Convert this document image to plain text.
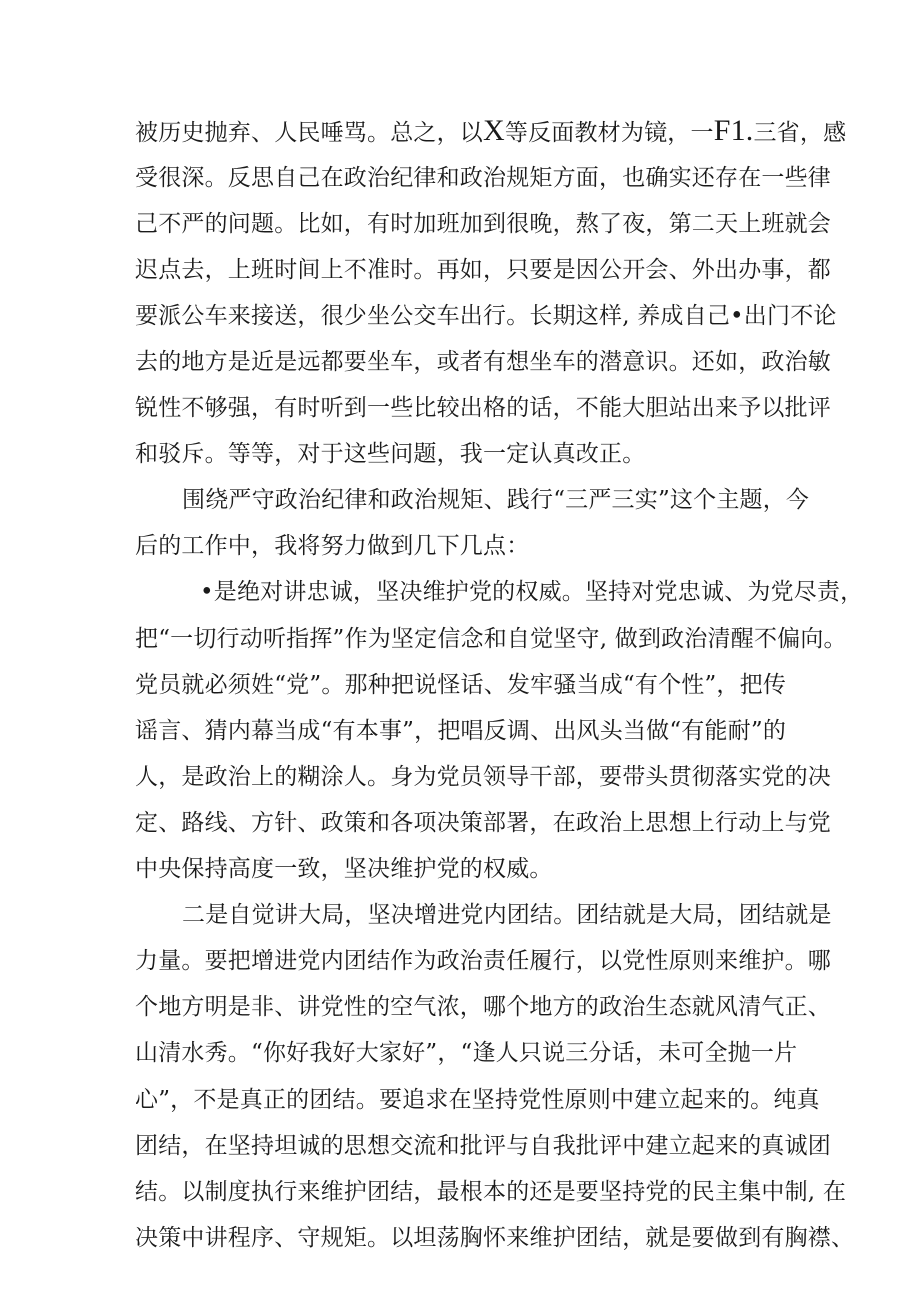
被历史抛弃、人民唾骂。总之，以X等反面教材为镜，一F1.三省，感
受很深。反思自己在政治纪律和政治规矩方面，也确实还存在一些律
己不严的问题。比如，有时加班加到很晚，熬了夜，第二天上班就会
迟点去，上班时间上不准时。再如，只要是因公开会、外出办事，都
要派公车来接送，很少坐公交车出行。长期这样, 养成自己•出门不论
去的地方是近是远都要坐车，或者有想坐车的潜意识。还如，政治敏
锐性不够强，有时听到一些比较出格的话，不能大胆站出来予以批评
和驳斥。等等，对于这些问题，我一定认真改正。
围绕严守政治纪律和政治规矩、践行“三严三实”这个主题，今
后的工作中，我将努力做到几下几点：
•是绝对讲忠诚，坚决维护党的权威。坚持对党忠诚、为党尽责，
把“一切行动听指挥”作为坚定信念和自觉坚守, 做到政治清醒不偏向。
党员就必须姓“党”。那种把说怪话、发牢骚当成“有个性”，把传
谣言、猜内幕当成“有本事”，把唱反调、出风头当做“有能耐”的
人，是政治上的糊涂人。身为党员领导干部，要带头贯彻落实党的决
定、路线、方针、政策和各项决策部署，在政治上思想上行动上与党
中央保持高度一致，坚决维护党的权威。
二是自觉讲大局，坚决增进党内团结。团结就是大局，团结就是
力量。要把增进党内团结作为政治责任履行，以党性原则来维护。哪
个地方明是非、讲党性的空气浓，哪个地方的政治生态就风清气正、
山清水秀。“你好我好大家好”，“逢人只说三分话，未可全抛一片
心”，不是真正的团结。要追求在坚持党性原则中建立起来的。纯真
团结，在坚持坦诚的思想交流和批评与自我批评中建立起来的真诚团
结。以制度执行来维护团结，最根本的还是要坚持党的民主集中制, 在
决策中讲程序、守规矩。以坦荡胸怀来维护团结，就是要做到有胸襟、
